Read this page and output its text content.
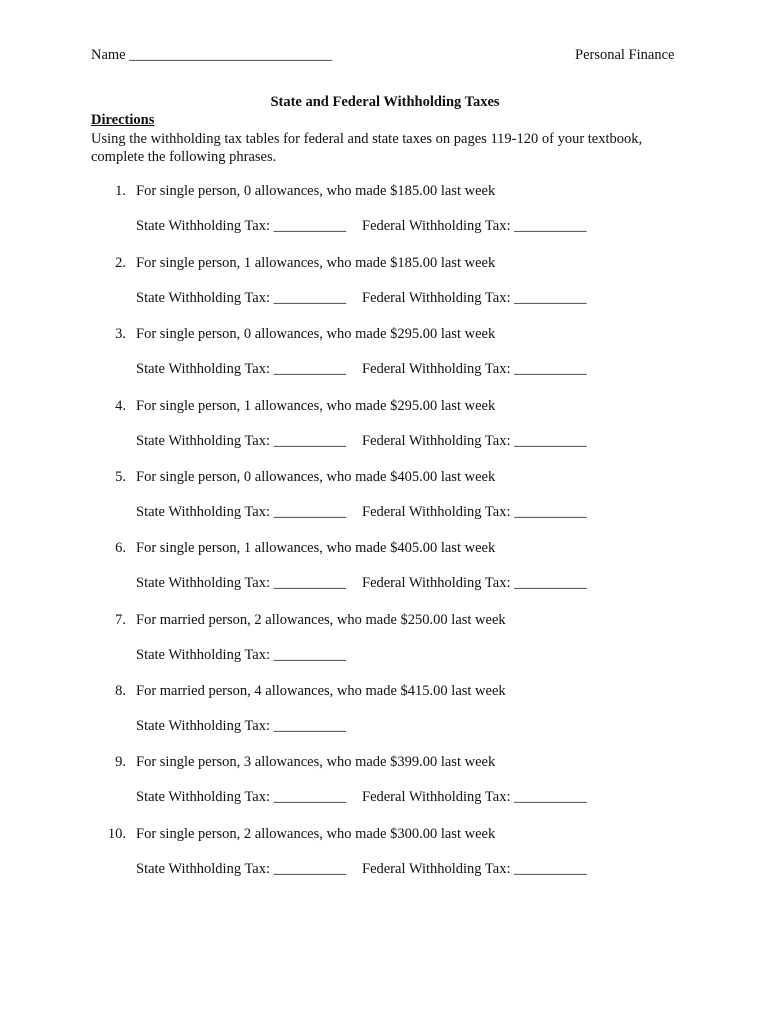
Name ____________________________	Personal Finance
State and Federal Withholding Taxes
Directions
Using the withholding tax tables for federal and state taxes on pages 119-120 of your textbook, complete the following phrases.
1. For single person, 0 allowances, who made $185.00 last week
State Withholding Tax: __________ Federal Withholding Tax: __________
2. For single person, 1 allowances, who made $185.00 last week
State Withholding Tax: __________ Federal Withholding Tax: __________
3. For single person, 0 allowances, who made $295.00 last week
State Withholding Tax: __________ Federal Withholding Tax: __________
4. For single person, 1 allowances, who made $295.00 last week
State Withholding Tax: __________ Federal Withholding Tax: __________
5. For single person, 0 allowances, who made $405.00 last week
State Withholding Tax: __________ Federal Withholding Tax: __________
6. For single person, 1 allowances, who made $405.00 last week
State Withholding Tax: __________ Federal Withholding Tax: __________
7. For married person, 2 allowances, who made $250.00 last week
State Withholding Tax: __________
8. For married person, 4 allowances, who made $415.00 last week
State Withholding Tax: __________
9. For single person, 3 allowances, who made $399.00 last week
State Withholding Tax: __________ Federal Withholding Tax: __________
10. For single person, 2 allowances, who made $300.00 last week
State Withholding Tax: __________ Federal Withholding Tax: __________
